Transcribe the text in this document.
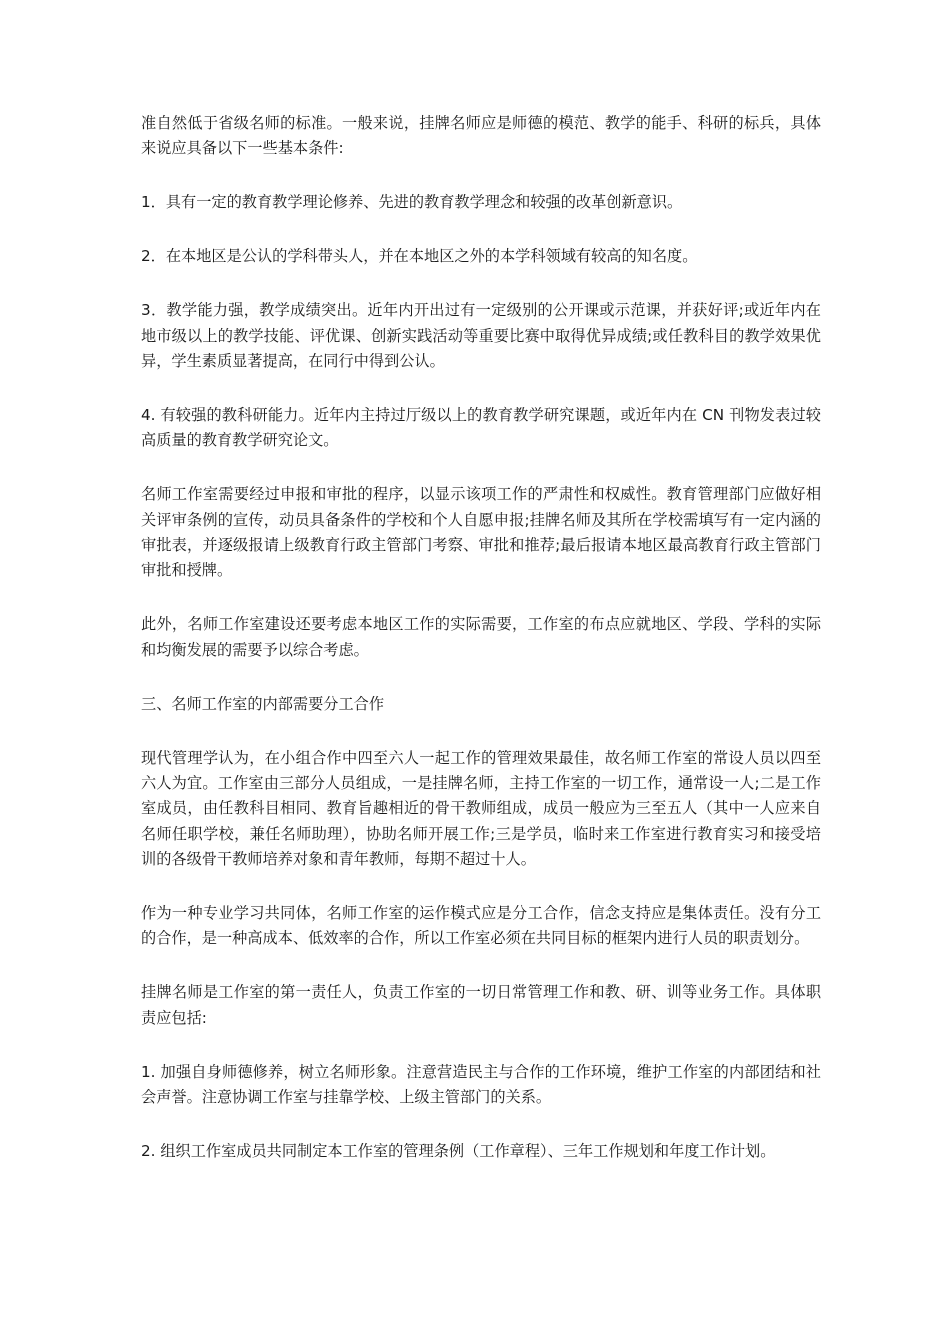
准自然低于省级名师的标准。一般来说，挂牌名师应是师德的模范、教学的能手、科研的标兵，具体来说应具备以下一些基本条件:

1．具有一定的教育教学理论修养、先进的教育教学理念和较强的改革创新意识。

2．在本地区是公认的学科带头人，并在本地区之外的本学科领域有较高的知名度。

3．教学能力强，教学成绩突出。近年内开出过有一定级别的公开课或示范课，并获好评;或近年内在地市级以上的教学技能、评优课、创新实践活动等重要比赛中取得优异成绩;或任教科目的教学效果优异，学生素质显著提高，在同行中得到公认。

4. 有较强的教科研能力。近年内主持过厅级以上的教育教学研究课题，或近年内在 CN 刊物发表过较高质量的教育教学研究论文。

名师工作室需要经过申报和审批的程序，以显示该项工作的严肃性和权威性。教育管理部门应做好相关评审条例的宣传，动员具备条件的学校和个人自愿申报;挂牌名师及其所在学校需填写有一定内涵的审批表，并逐级报请上级教育行政主管部门考察、审批和推荐;最后报请本地区最高教育行政主管部门审批和授牌。

此外，名师工作室建设还要考虑本地区工作的实际需要，工作室的布点应就地区、学段、学科的实际和均衡发展的需要予以综合考虑。

三、名师工作室的内部需要分工合作

现代管理学认为，在小组合作中四至六人一起工作的管理效果最佳，故名师工作室的常设人员以四至六人为宜。工作室由三部分人员组成，一是挂牌名师，主持工作室的一切工作，通常设一人;二是工作室成员，由任教科目相同、教育旨趣相近的骨干教师组成，成员一般应为三至五人（其中一人应来自名师任职学校，兼任名师助理），协助名师开展工作;三是学员，临时来工作室进行教育实习和接受培训的各级骨干教师培养对象和青年教师，每期不超过十人。

作为一种专业学习共同体，名师工作室的运作模式应是分工合作，信念支持应是集体责任。没有分工的合作，是一种高成本、低效率的合作，所以工作室必须在共同目标的框架内进行人员的职责划分。

挂牌名师是工作室的第一责任人，负责工作室的一切日常管理工作和教、研、训等业务工作。具体职责应包括:

1. 加强自身师德修养，树立名师形象。注意营造民主与合作的工作环境，维护工作室的内部团结和社会声誉。注意协调工作室与挂靠学校、上级主管部门的关系。

2. 组织工作室成员共同制定本工作室的管理条例（工作章程）、三年工作规划和年度工作计划。
